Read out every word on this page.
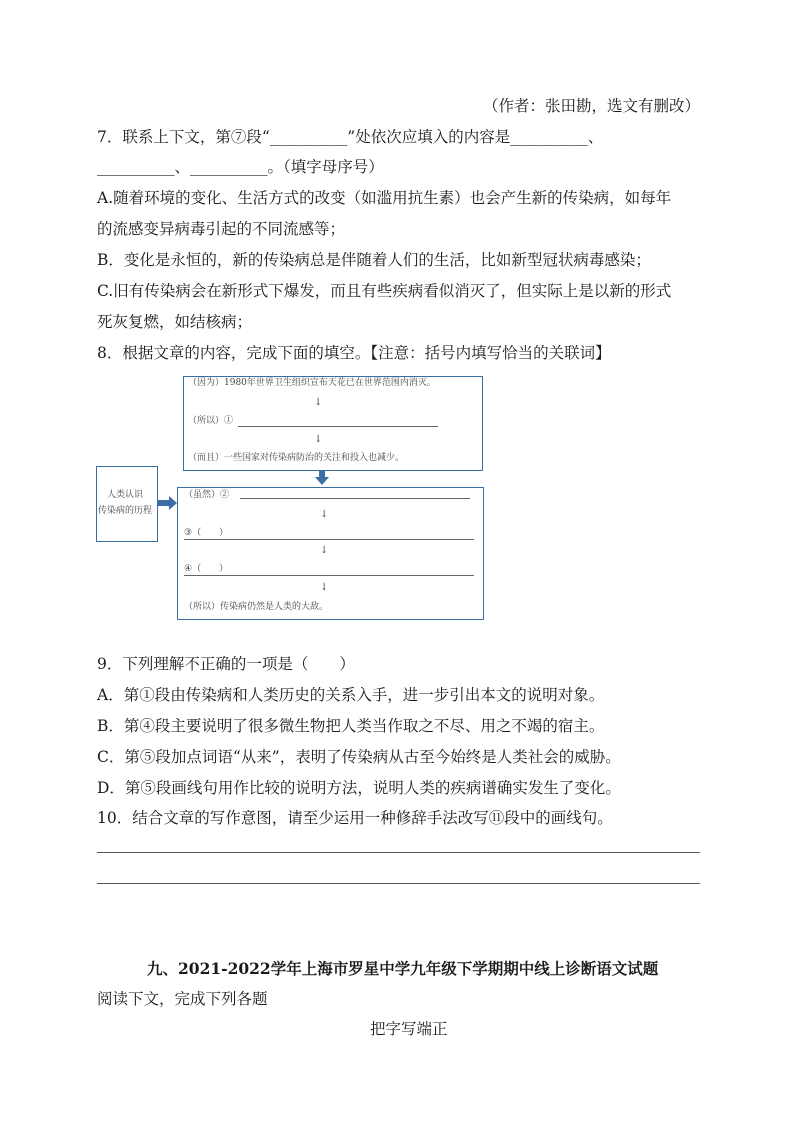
（作者：张田勘，选文有删改）
7．联系上下文，第⑦段“__________”处依次应填入的内容是__________、
__________、__________。（填字母序号）
A.随着环境的变化、生活方式的改变（如滥用抗生素）也会产生新的传染病，如每年
的流感变异病毒引起的不同流感等；
B．变化是永恒的，新的传染病总是伴随着人们的生活，比如新型冠状病毒感染；
C.旧有传染病会在新形式下爆发，而且有些疾病看似消灭了，但实际上是以新的形式
死灰复燃，如结核病；
8．根据文章的内容，完成下面的填空。【注意：括号内填写恰当的关联词】
人类认识
传染病的历程
（因为）1980年世界卫生组织宣布天花已在世界范围内消灭。
↓
（所以）①
↓
（而且）一些国家对传染病防治的关注和投入也减少。
（虽然）②
↓
③（　　）
↓
④（　　）
↓
（所以）传染病仍然是人类的大敌。
9．下列理解不正确的一项是（　　）
A．第①段由传染病和人类历史的关系入手，进一步引出本文的说明对象。
B．第④段主要说明了很多微生物把人类当作取之不尽、用之不竭的宿主。
C．第⑤段加点词语“从来”，表明了传染病从古至今始终是人类社会的威胁。
D．第⑤段画线句用作比较的说明方法，说明人类的疾病谱确实发生了变化。
10．结合文章的写作意图，请至少运用一种修辞手法改写⑪段中的画线句。
九、2021-2022学年上海市罗星中学九年级下学期期中线上诊断语文试题
阅读下文，完成下列各题
把字写端正
